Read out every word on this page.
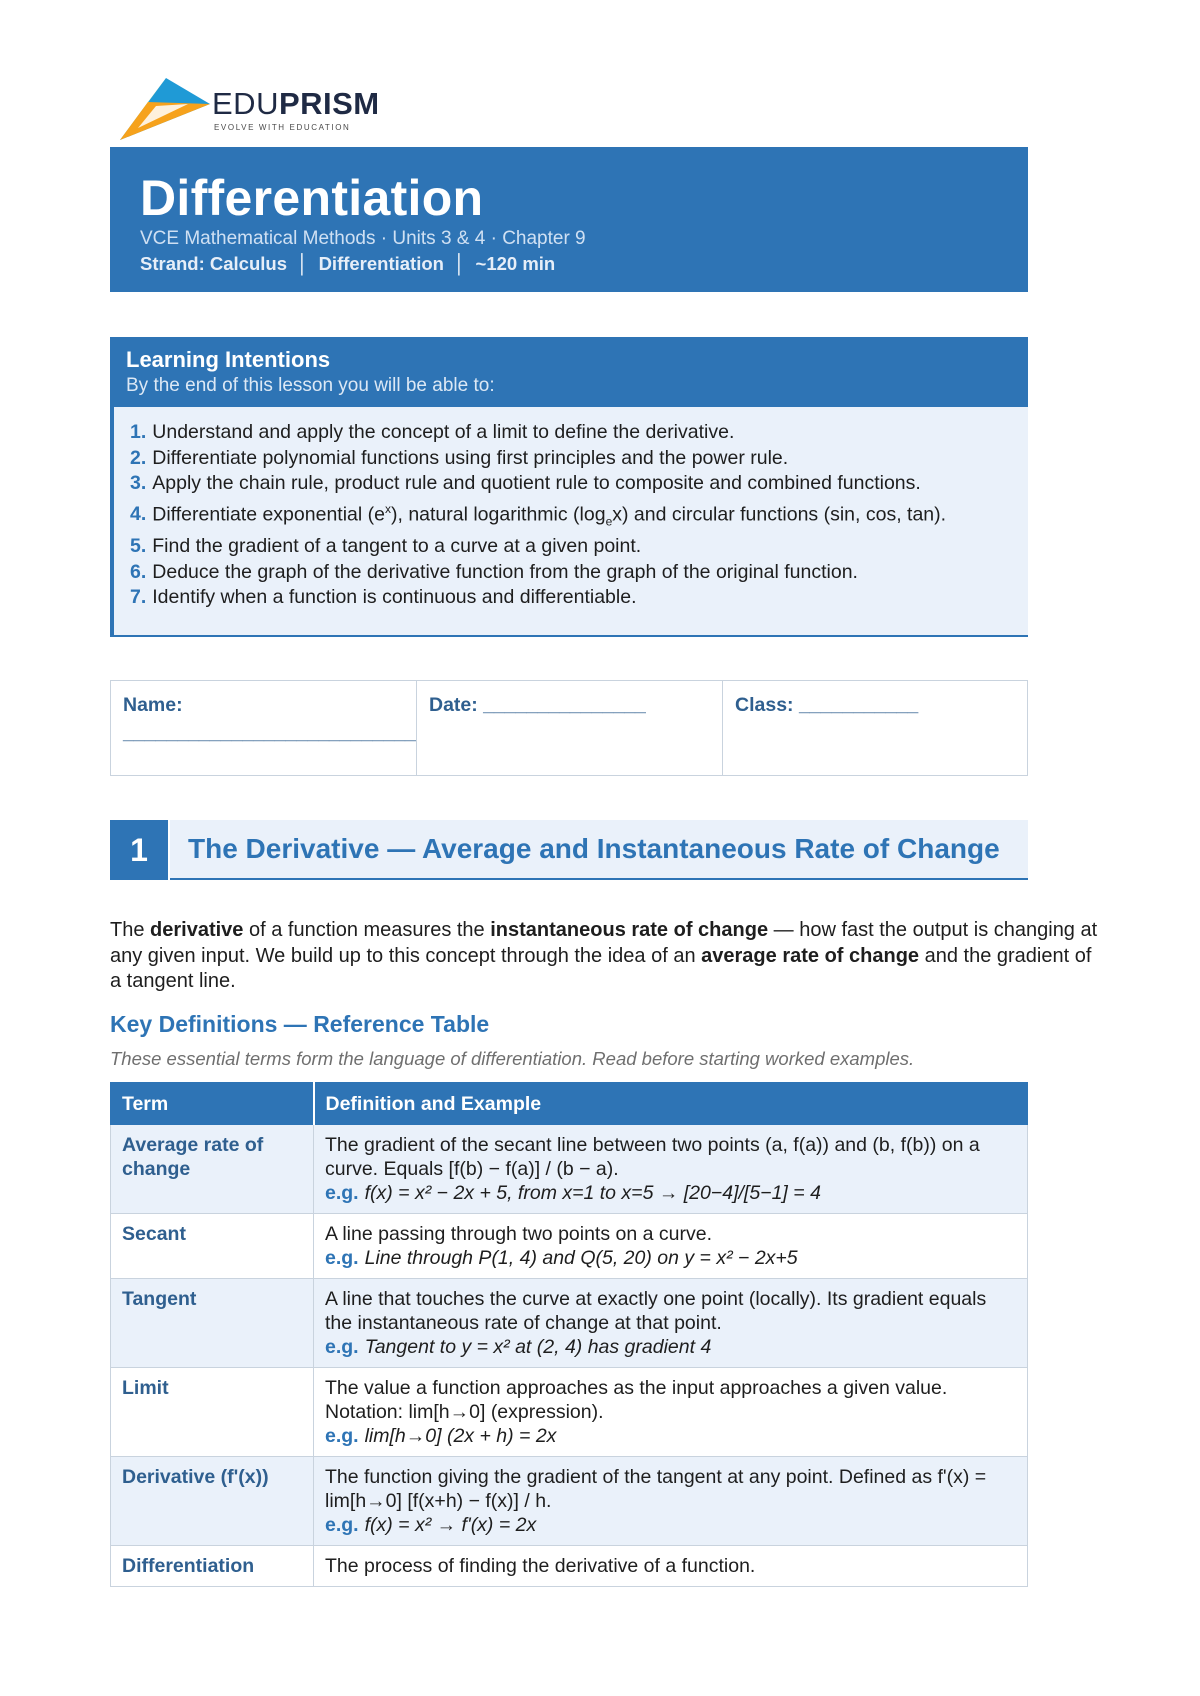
EDUPRISM
EVOLVE WITH EDUCATION
Differentiation
VCE Mathematical Methods · Units 3 & 4 · Chapter 9
Strand: Calculus │ Differentiation │ ~120 min
Learning Intentions
By the end of this lesson you will be able to:
1. Understand and apply the concept of a limit to define the derivative.
2. Differentiate polynomial functions using first principles and the power rule.
3. Apply the chain rule, product rule and quotient rule to composite and combined functions.
4. Differentiate exponential $(e^x)$, natural logarithmic $(\log_ex)$ and circular functions (sin, cos, tan).
5. Find the gradient of a tangent to a curve at a given point.
6. Deduce the graph of the derivative function from the graph of the original function.
7. Identify when a function is continuous and differentiable.
Name: ___________________________
Date: _______________	Class: ___________
1	The Derivative — Average and Instantaneous Rate of Change

The derivative of a function measures the instantaneous rate of change — how fast the output is changing at any given input. We build up to this concept through the idea of an average rate of change and the gradient of a tangent line.

Key Definitions — Reference Table
These essential terms form the language of differentiation. Read before starting worked examples.
Term	Definition and Example
Average rate of change	The gradient of the secant line between two points (a, f(a)) and (b, f(b)) on a curve. Equals [f(b) − f(a)] / (b − a).
e.g. f(x) = x² − 2x + 5, from x=1 to x=5 → [20−4]/[5−1] = 4

Secant	A line passing through two points on a curve.
e.g. Line through P(1, 4) and Q(5, 20) on y = x² − 2x+5

Tangent	A line that touches the curve at exactly one point (locally). Its gradient equals the instantaneous rate of change at that point.
e.g. Tangent to y = x² at (2, 4) has gradient 4

Limit	The value a function approaches as the input approaches a given value. Notation: lim[h→0] (expression).
e.g. lim[h→0] (2x + h) = 2x

Derivative (f'(x))	The function giving the gradient of the tangent at any point. Defined as f'(x) = lim[h→0] [f(x+h) − f(x)] / h.
e.g. f(x) = x² → f'(x) = 2x

Differentiation	The process of finding the derivative of a function.
